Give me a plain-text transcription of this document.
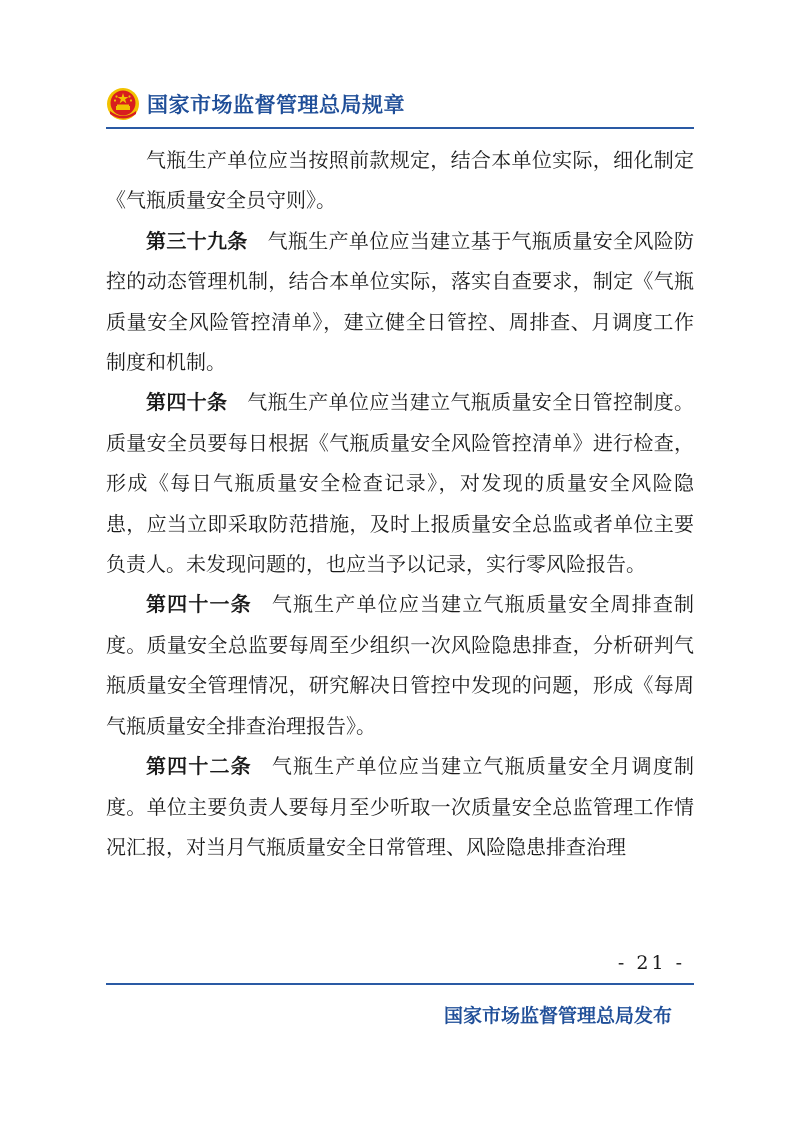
国家市场监督管理总局规章

气瓶生产单位应当按照前款规定，结合本单位实际，细化制定《气瓶质量安全员守则》。

第三十九条 气瓶生产单位应当建立基于气瓶质量安全风险防控的动态管理机制，结合本单位实际，落实自查要求，制定《气瓶质量安全风险管控清单》，建立健全日管控、周排查、月调度工作制度和机制。

第四十条 气瓶生产单位应当建立气瓶质量安全日管控制度。质量安全员要每日根据《气瓶质量安全风险管控清单》进行检查，形成《每日气瓶质量安全检查记录》，对发现的质量安全风险隐患，应当立即采取防范措施，及时上报质量安全总监或者单位主要负责人。未发现问题的，也应当予以记录，实行零风险报告。

第四十一条 气瓶生产单位应当建立气瓶质量安全周排查制度。质量安全总监要每周至少组织一次风险隐患排查，分析研判气瓶质量安全管理情况，研究解决日管控中发现的问题，形成《每周气瓶质量安全排查治理报告》。

第四十二条 气瓶生产单位应当建立气瓶质量安全月调度制度。单位主要负责人要每月至少听取一次质量安全总监管理工作情况汇报，对当月气瓶质量安全日常管理、风险隐患排查治理

- 21 -
国家市场监督管理总局发布
